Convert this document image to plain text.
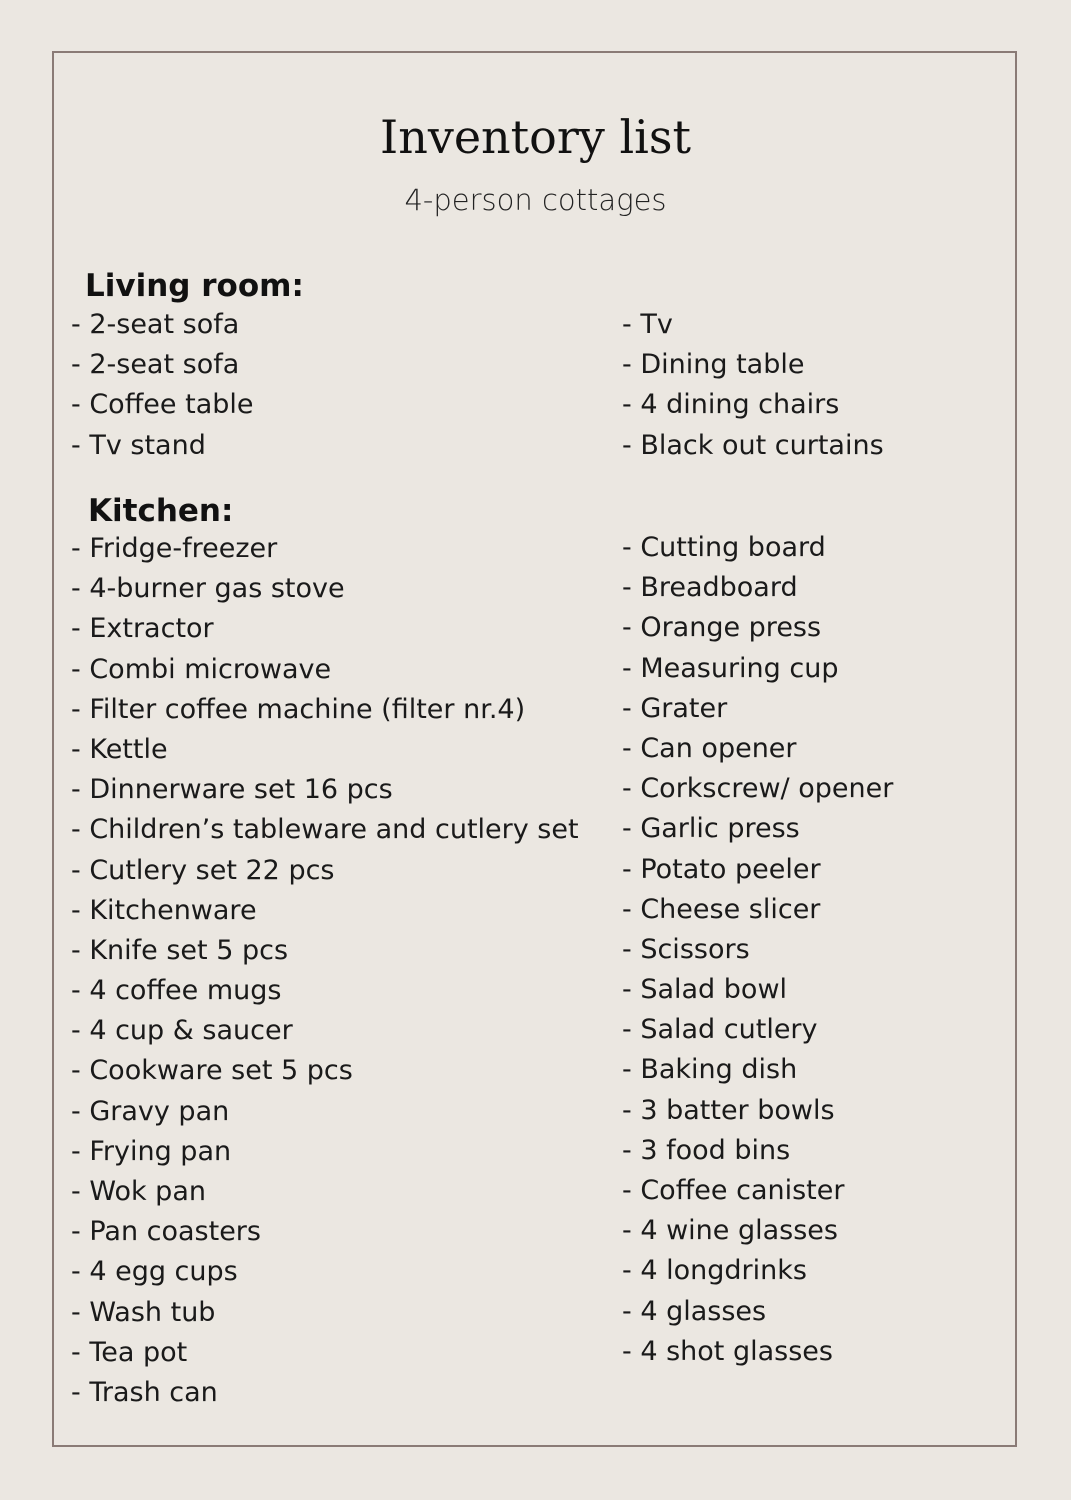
Inventory list

4-person cottages

Living room:
- 2-seat sofa
- 2-seat sofa
- Coffee table
- Tv stand
- Tv
- Dining table
- 4 dining chairs
- Black out curtains
Kitchen:
- Fridge-freezer
- 4-burner gas stove
- Extractor
- Combi microwave
- Filter coffee machine (filter nr.4)
- Kettle
- Dinnerware set 16 pcs
- Children’s tableware and cutlery set
- Cutlery set 22 pcs
- Kitchenware
- Knife set 5 pcs
- 4 coffee mugs
- 4 cup & saucer
- Cookware set 5 pcs
- Gravy pan
- Frying pan
- Wok pan
- Pan coasters
- 4 egg cups
- Wash tub
- Tea pot
- Trash can
- Cutting board
- Breadboard
- Orange press
- Measuring cup
- Grater
- Can opener
- Corkscrew/ opener
- Garlic press
- Potato peeler
- Cheese slicer
- Scissors
- Salad bowl
- Salad cutlery
- Baking dish
- 3 batter bowls
- 3 food bins
- Coffee canister
- 4 wine glasses
- 4 longdrinks
- 4 glasses
- 4 shot glasses
